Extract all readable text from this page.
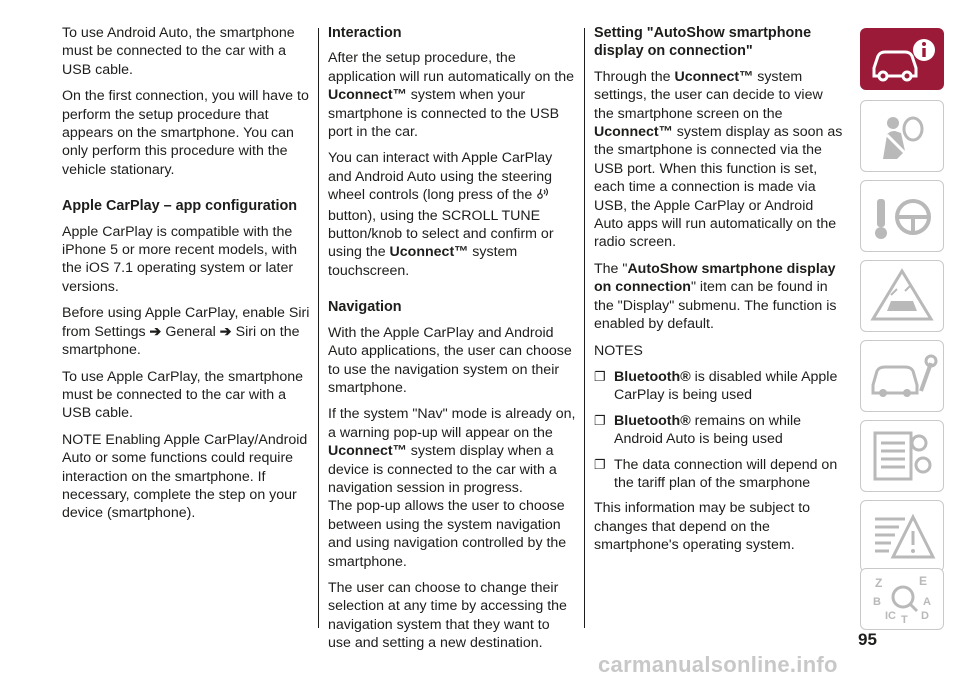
To use Android Auto, the smartphone must be connected to the car with a USB cable.

On the first connection, you will have to perform the setup procedure that appears on the smartphone. You can only perform this procedure with the vehicle stationary.

Apple CarPlay – app configuration

Apple CarPlay is compatible with the iPhone 5 or more recent models, with the iOS 7.1 operating system or later versions.

Before using Apple CarPlay, enable Siri from Settings ➔ General ➔ Siri on the smartphone.

To use Apple CarPlay, the smartphone must be connected to the car with a USB cable.

NOTE Enabling Apple CarPlay/Android Auto or some functions could require interaction on the smartphone. If necessary, complete the step on your device (smartphone).

Interaction

After the setup procedure, the application will run automatically on the Uconnect™ system when your smartphone is connected to the USB port in the car.

You can interact with Apple CarPlay and Android Auto using the steering wheel controls (long press of the  button), using the SCROLL TUNE button/knob to select and confirm or using the Uconnect™ system touchscreen.

Navigation

With the Apple CarPlay and Android Auto applications, the user can choose to use the navigation system on their smartphone.

If the system "Nav" mode is already on, a warning pop-up will appear on the Uconnect™ system display when a device is connected to the car with a navigation session in progress.

The pop-up allows the user to choose between using the system navigation and using navigation controlled by the smartphone.

The user can choose to change their selection at any time by accessing the navigation system that they want to use and setting a new destination.

Setting "AutoShow smartphone display on connection"

Through the Uconnect™ system settings, the user can decide to view the smartphone screen on the Uconnect™ system display as soon as the smartphone is connected via the USB port. When this function is set, each time a connection is made via USB, the Apple CarPlay or Android Auto apps will run automatically on the radio screen.

The "AutoShow smartphone display on connection" item can be found in the "Display" submenu. The function is enabled by default.

NOTES

❐ Bluetooth® is disabled while Apple CarPlay is being used
❐ Bluetooth® remains on while Android Auto is being used
❐ The data connection will depend on the tariff plan of the smarphone

This information may be subject to changes that depend on the smartphone's operating system.

Z	E
B	A
IC T D
95
carmanualsonline.info
